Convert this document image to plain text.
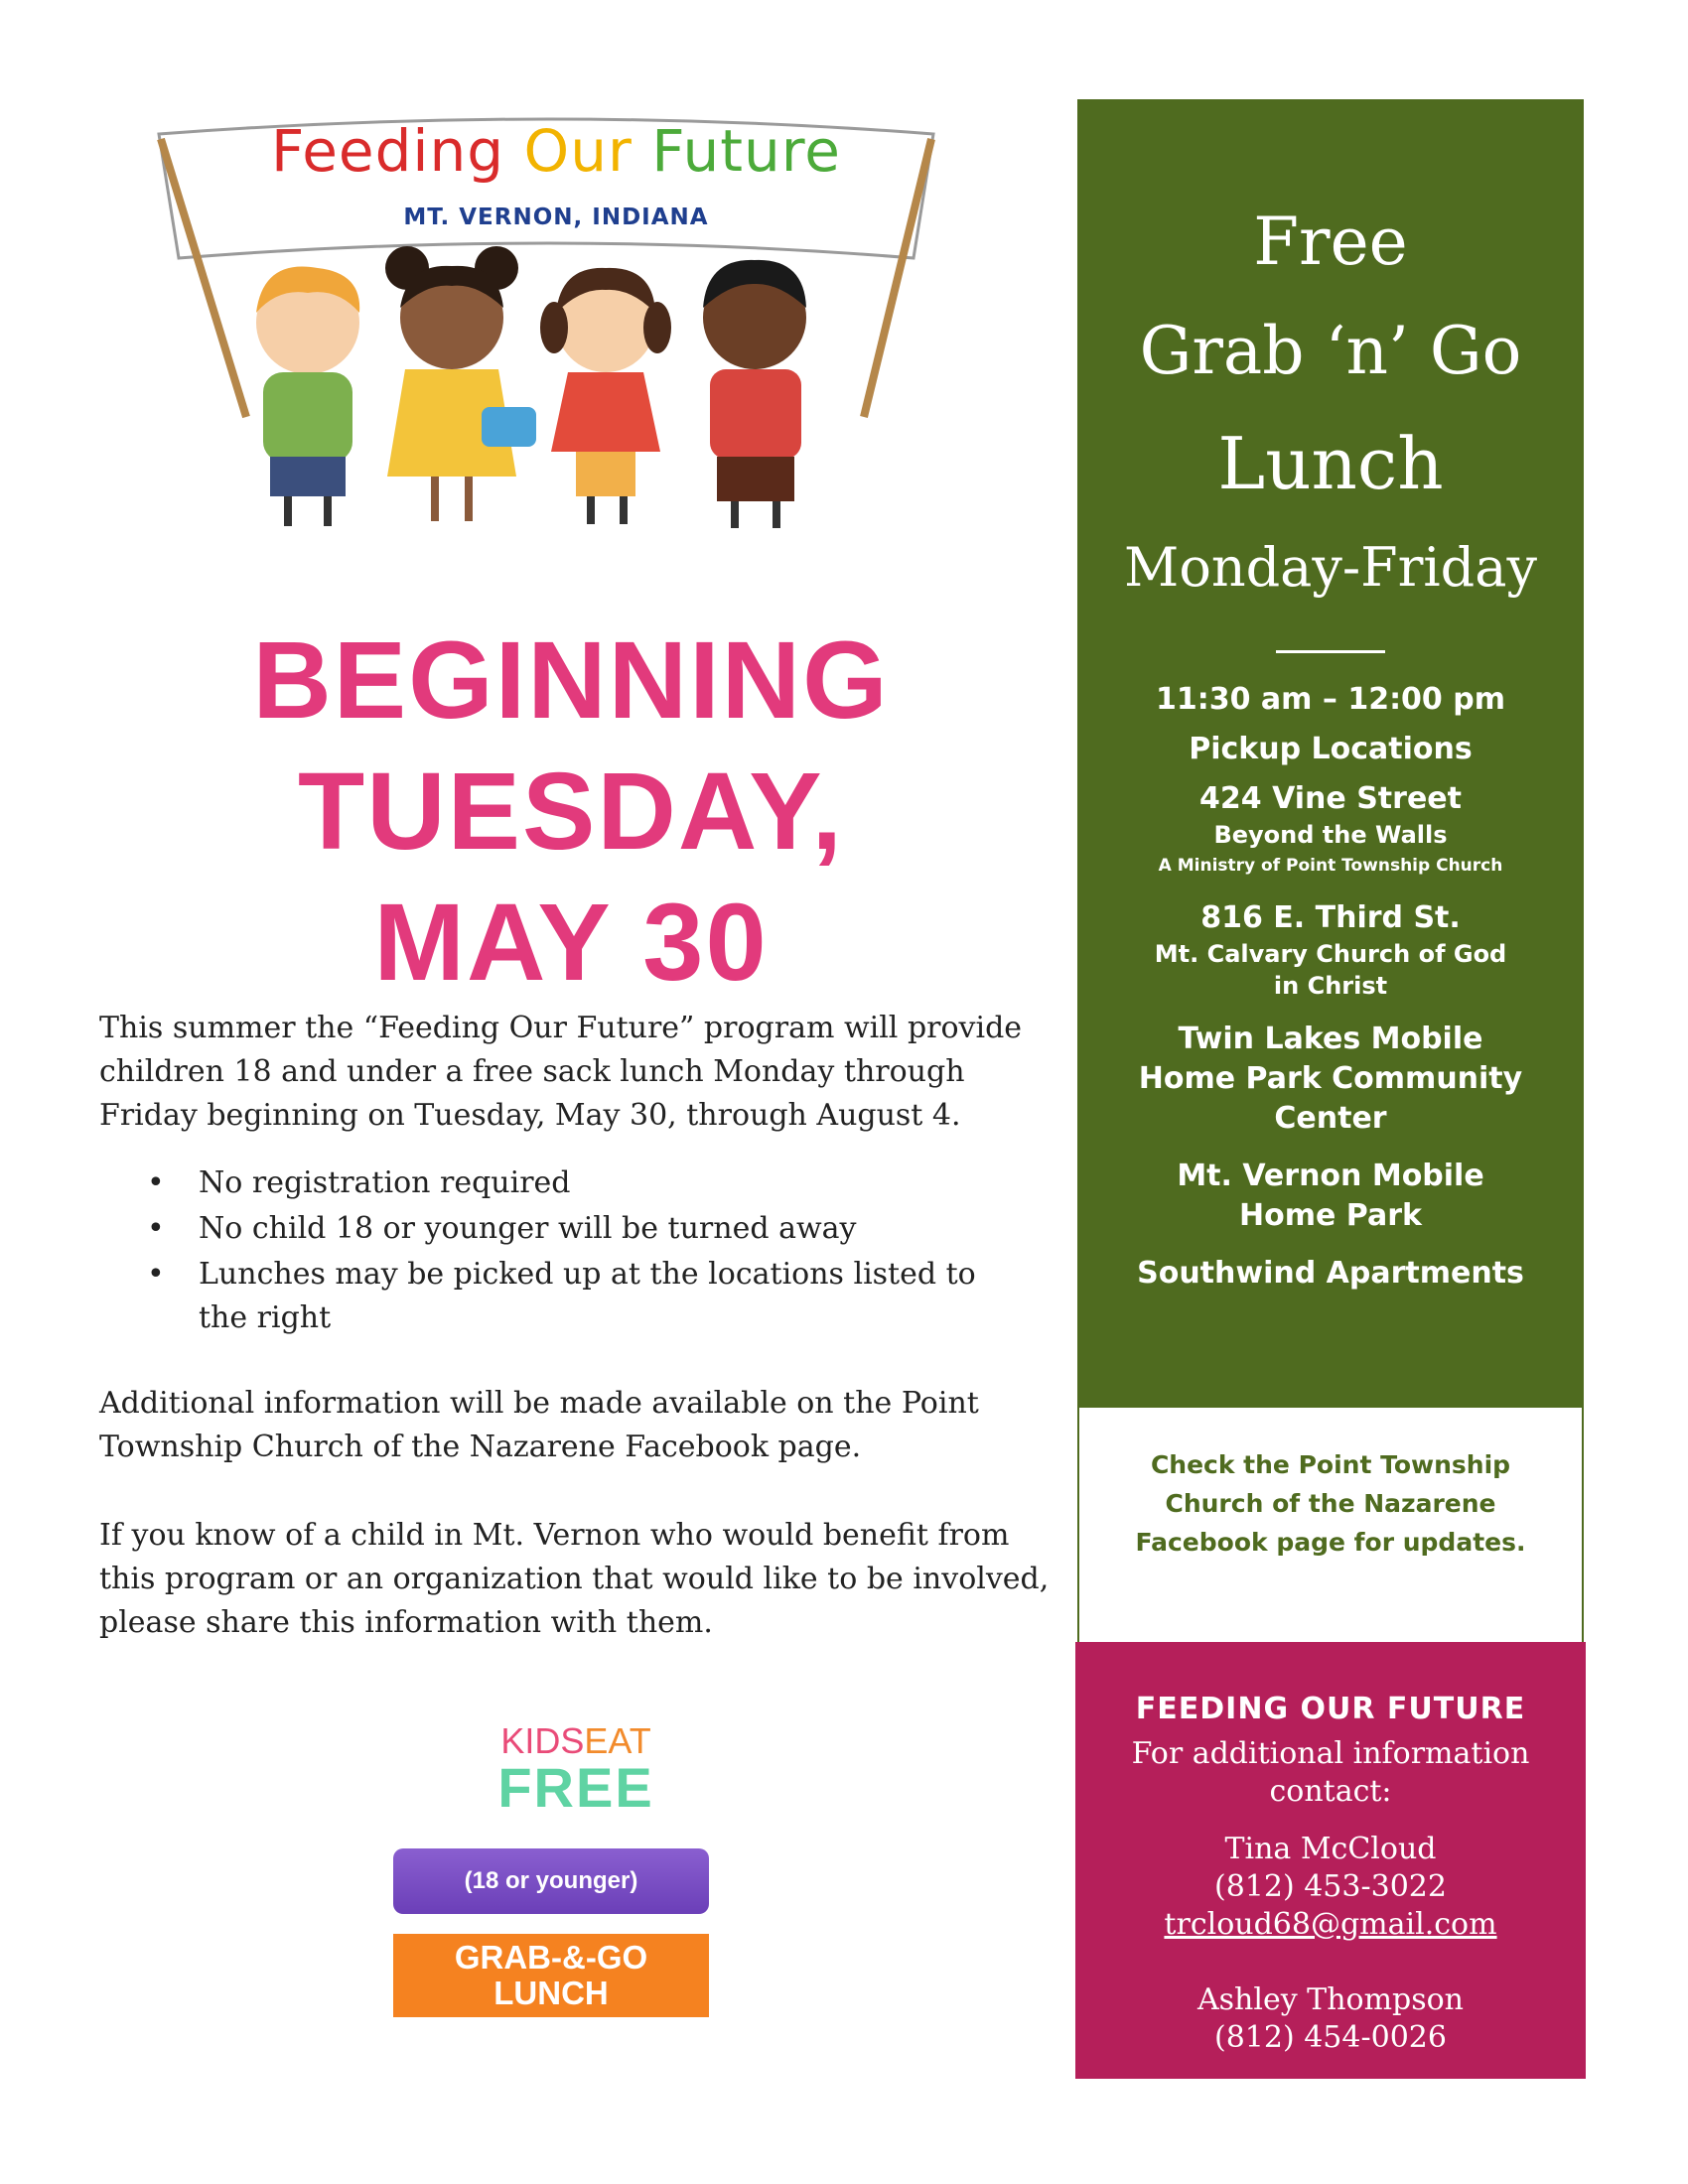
Feeding Our Future
MT. VERNON, INDIANA
BEGINNING
TUESDAY,
MAY 30

This summer the “Feeding Our Future” program will provide children 18 and under a free sack lunch Monday through Friday beginning on Tuesday, May 30, through August 4.

• No registration required
• No child 18 or younger will be turned away
• Lunches may be picked up at the locations listed to the right

Additional information will be made available on the Point Township Church of the Nazarene Facebook page.

If you know of a child in Mt. Vernon who would benefit from this program or an organization that would like to be involved, please share this information with them.

KIDSEAT
FREE
(18 or younger)
GRAB-&-GO
LUNCH
Free
Grab ‘n’ Go
Lunch
Monday-Friday
11:30 am – 12:00 pm
Pickup Locations
424 Vine Street
Beyond the Walls
A Ministry of Point Township Church
816 E. Third St.
Mt. Calvary Church of God
in Christ
Twin Lakes Mobile
Home Park Community
Center
Mt. Vernon Mobile
Home Park
Southwind Apartments
Check the Point Township
Church of the Nazarene
Facebook page for updates.
FEEDING OUR FUTURE
For additional information
contact:
Tina McCloud
(812) 453-3022
trcloud68@gmail.com
Ashley Thompson
(812) 454-0026
